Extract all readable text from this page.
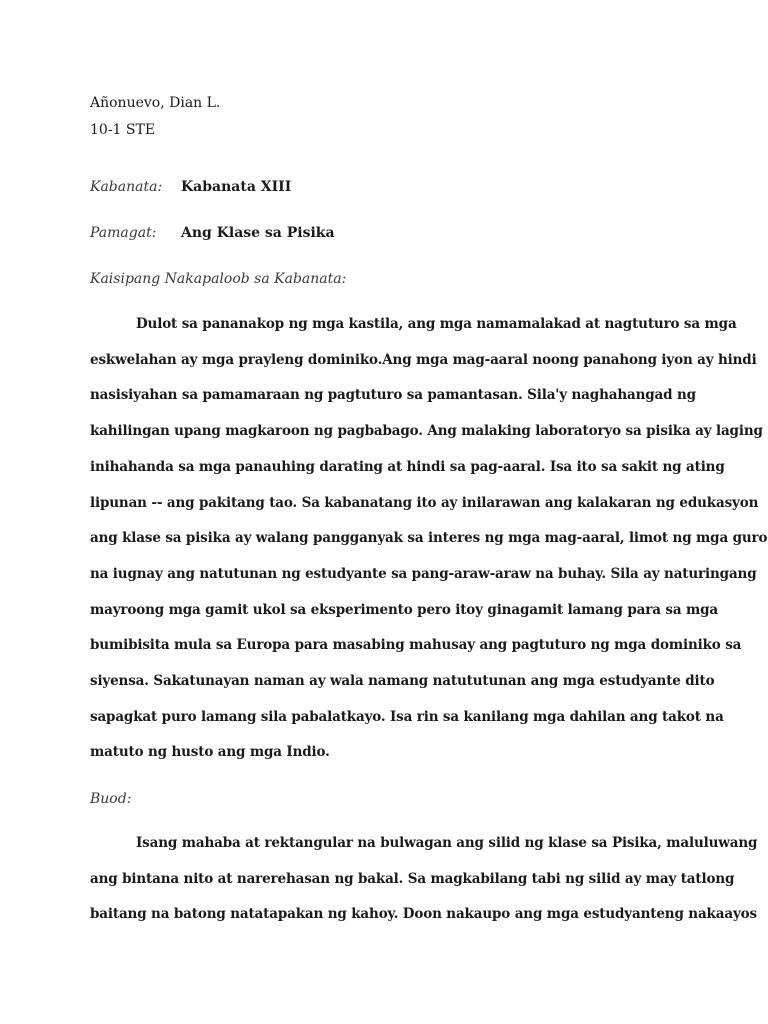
Añonuevo, Dian L.

10-1 STE

Kabanata: Kabanata XIII

Pamagat: Ang Klase sa Pisika

Kaisipang Nakapaloob sa Kabanata:

Dulot sa pananakop ng mga kastila, ang mga namamalakad at nagtuturo sa mga
eskwelahan ay mga prayleng dominiko.Ang mga mag-aaral noong panahong iyon ay hindi
nasisiyahan sa pamamaraan ng pagtuturo sa pamantasan. Sila'y naghahangad ng
kahilingan upang magkaroon ng pagbabago. Ang malaking laboratoryo sa pisika ay laging
inihahanda sa mga panauhing darating at hindi sa pag-aaral. Isa ito sa sakit ng ating
lipunan -- ang pakitang tao. Sa kabanatang ito ay inilarawan ang kalakaran ng edukasyon
ang klase sa pisika ay walang pangganyak sa interes ng mga mag-aaral, limot ng mga guro
na iugnay ang natutunan ng estudyante sa pang-araw-araw na buhay. Sila ay naturingang
mayroong mga gamit ukol sa eksperimento pero itoy ginagamit lamang para sa mga
bumibisita mula sa Europa para masabing mahusay ang pagtuturo ng mga dominiko sa
siyensa. Sakatunayan naman ay wala namang natututunan ang mga estudyante dito
sapagkat puro lamang sila pabalatkayo. Isa rin sa kanilang mga dahilan ang takot na
matuto ng husto ang mga Indio.

Buod:

Isang mahaba at rektangular na bulwagan ang silid ng klase sa Pisika, maluluwang
ang bintana nito at narerehasan ng bakal. Sa magkabilang tabi ng silid ay may tatlong
baitang na batong natatapakan ng kahoy. Doon nakaupo ang mga estudyanteng nakaayos
